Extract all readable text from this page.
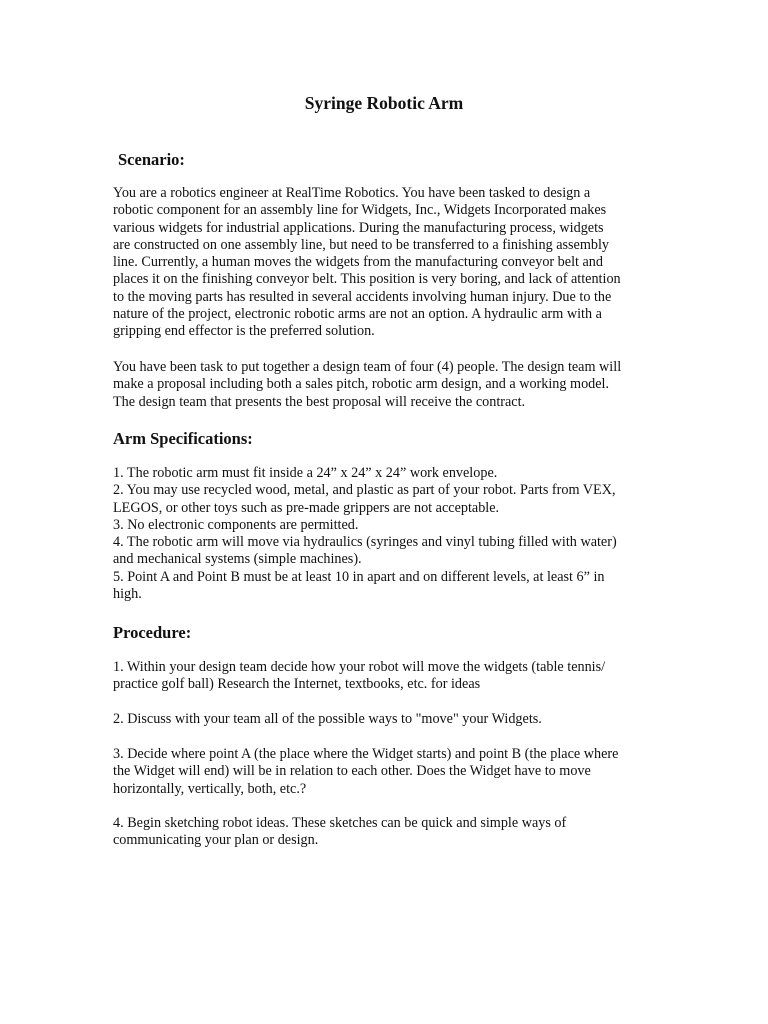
Syringe Robotic Arm
Scenario:
You are a robotics engineer at RealTime Robotics. You have been tasked to design a
robotic component for an assembly line for Widgets, Inc., Widgets Incorporated makes
various widgets for industrial applications. During the manufacturing process, widgets
are constructed on one assembly line, but need to be transferred to a finishing assembly
line. Currently, a human moves the widgets from the manufacturing conveyor belt and
places it on the finishing conveyor belt. This position is very boring, and lack of attention
to the moving parts has resulted in several accidents involving human injury. Due to the
nature of the project, electronic robotic arms are not an option. A hydraulic arm with a
gripping end effector is the preferred solution.
You have been task to put together a design team of four (4) people. The design team will
make a proposal including both a sales pitch, robotic arm design, and a working model.
The design team that presents the best proposal will receive the contract.
Arm Specifications:
1. The robotic arm must fit inside a 24” x 24” x 24” work envelope.
2. You may use recycled wood, metal, and plastic as part of your robot. Parts from VEX,
LEGOS, or other toys such as pre-made grippers are not acceptable.
3. No electronic components are permitted.
4. The robotic arm will move via hydraulics (syringes and vinyl tubing filled with water)
and mechanical systems (simple machines).
5. Point A and Point B must be at least 10 in apart and on different levels, at least 6” in
high.
Procedure:
1. Within your design team decide how your robot will move the widgets (table tennis/
practice golf ball) Research the Internet, textbooks, etc. for ideas
2. Discuss with your team all of the possible ways to "move" your Widgets.
3. Decide where point A (the place where the Widget starts) and point B (the place where
the Widget will end) will be in relation to each other. Does the Widget have to move
horizontally, vertically, both, etc.?
4. Begin sketching robot ideas. These sketches can be quick and simple ways of
communicating your plan or design.
